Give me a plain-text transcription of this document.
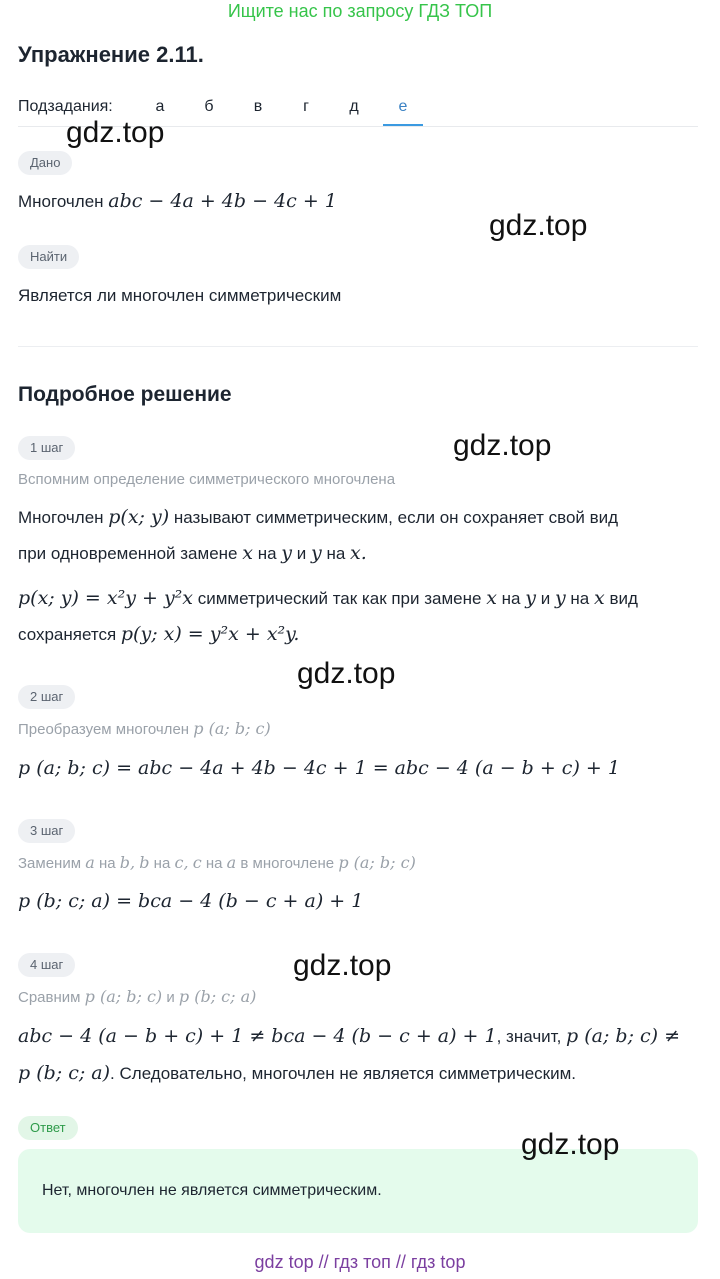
Ищите нас по запросу ГДЗ ТОП
Упражнение 2.11.
Подзадания:	а	б	в	г	д	е
Дано
Многочлен abc − 4a + 4b − 4c + 1
Найти
Является ли многочлен симметрическим
Подробное решение
1 шаг
Вспомним определение симметрического многочлена
Многочлен p(x; y) называют симметрическим, если он сохраняет свой вид
при одновременной замене x на y и y на x.
p(x; y) = x²y + y²x симметрический так как при замене x на y и y на x вид
сохраняется p(y; x) = y²x + x²y.
2 шаг
Преобразуем многочлен p (a; b; c)
p (a; b; c) = abc − 4a + 4b − 4c + 1 = abc − 4 (a − b + c) + 1
3 шаг
Заменим a на b, b на c, c на a в многочлене p (a; b; c)
p (b; c; a) = bca − 4 (b − c + a) + 1
4 шаг
Сравним p (a; b; c) и p (b; c; a)
abc − 4 (a − b + c) + 1 ≠ bca − 4 (b − c + a) + 1, значит, p (a; b; c) ≠
p (b; c; a). Следовательно, многочлен не является симметрическим.
Ответ
Нет, многочлен не является симметрическим.
gdz.top
gdz.top
gdz.top
gdz.top
gdz.top
gdz.top
gdz top // гдз топ // гдз top
